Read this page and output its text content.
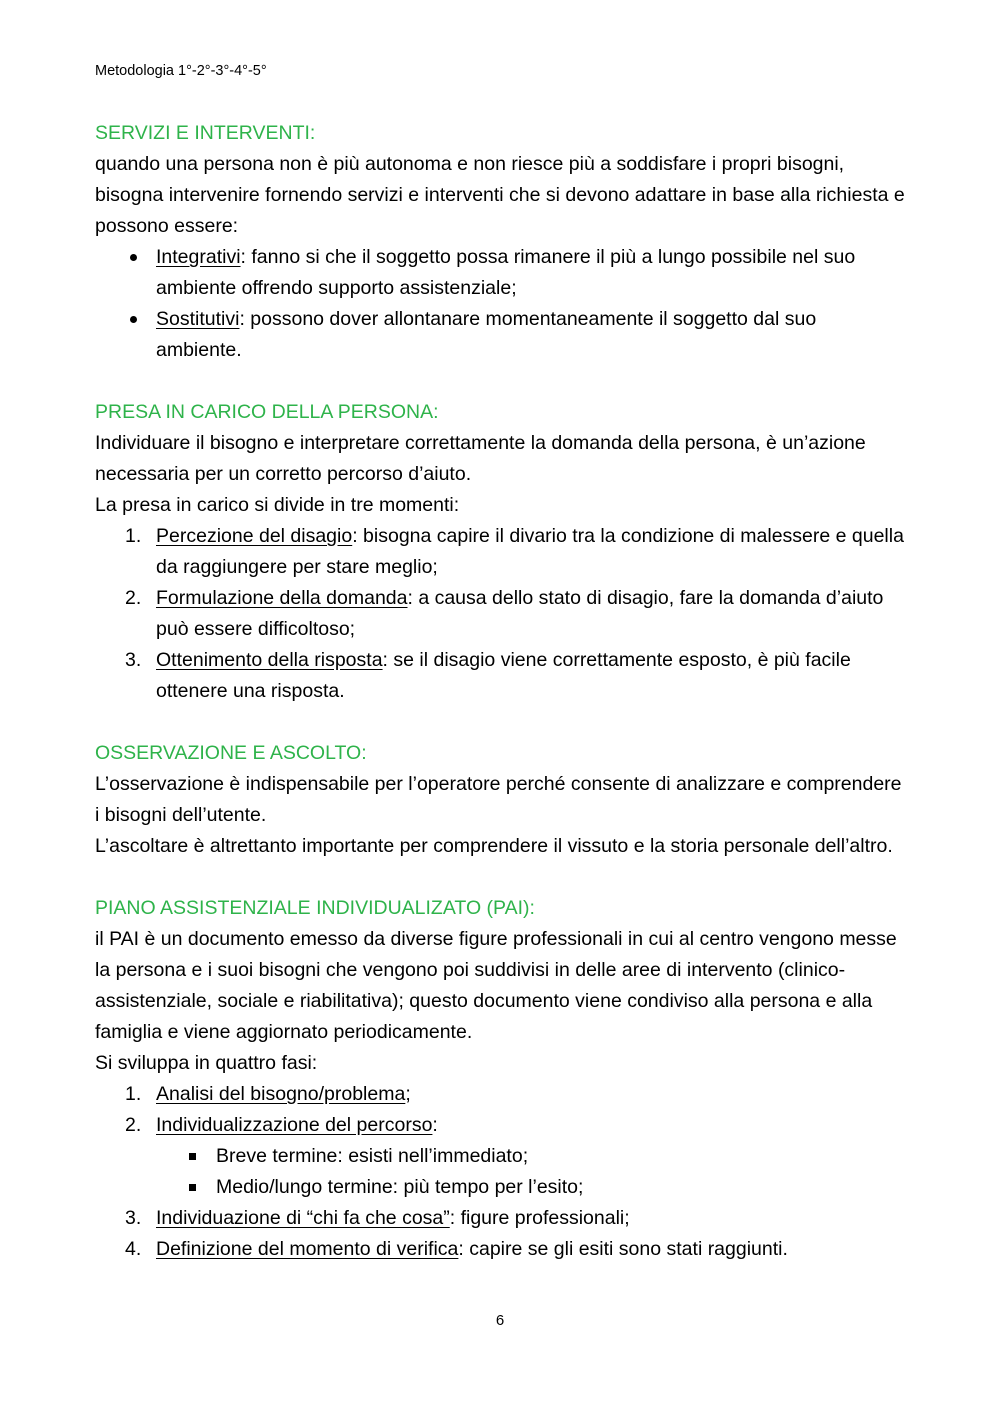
Metodologia 1°-2°-3°-4°-5°
SERVIZI E INTERVENTI:

quando una persona non è più autonoma e non riesce più a soddisfare i propri bisogni, bisogna intervenire fornendo servizi e interventi che si devono adattare in base alla richiesta e possono essere:

Integrativi: fanno si che il soggetto possa rimanere il più a lungo possibile nel suo ambiente offrendo supporto assistenziale;
Sostitutivi: possono dover allontanare momentaneamente il soggetto dal suo ambiente.
PRESA IN CARICO DELLA PERSONA:

Individuare il bisogno e interpretare correttamente la domanda della persona, è un’azione necessaria per un corretto percorso d’aiuto.

La presa in carico si divide in tre momenti:

1. Percezione del disagio: bisogna capire il divario tra la condizione di malessere e quella da raggiungere per stare meglio;
2. Formulazione della domanda: a causa dello stato di disagio, fare la domanda d’aiuto può essere difficoltoso;
3. Ottenimento della risposta: se il disagio viene correttamente esposto, è più facile ottenere una risposta.
OSSERVAZIONE E ASCOLTO:

L’osservazione è indispensabile per l’operatore perché consente di analizzare e comprendere i bisogni dell’utente.

L’ascoltare è altrettanto importante per comprendere il vissuto e la storia personale dell’altro.

PIANO ASSISTENZIALE INDIVIDUALIZATO (PAI):

il PAI è un documento emesso da diverse figure professionali in cui al centro vengono messe la persona e i suoi bisogni che vengono poi suddivisi in delle aree di intervento (clinico-assistenziale, sociale e riabilitativa); questo documento viene condiviso alla persona e alla famiglia e viene aggiornato periodicamente.

Si sviluppa in quattro fasi:

1. Analisi del bisogno/problema;
2. Individualizzazione del percorso:
Breve termine: esisti nell’immediato;
Medio/lungo termine: più tempo per l’esito;
3. Individuazione di “chi fa che cosa”: figure professionali;
4. Definizione del momento di verifica: capire se gli esiti sono stati raggiunti.
6
